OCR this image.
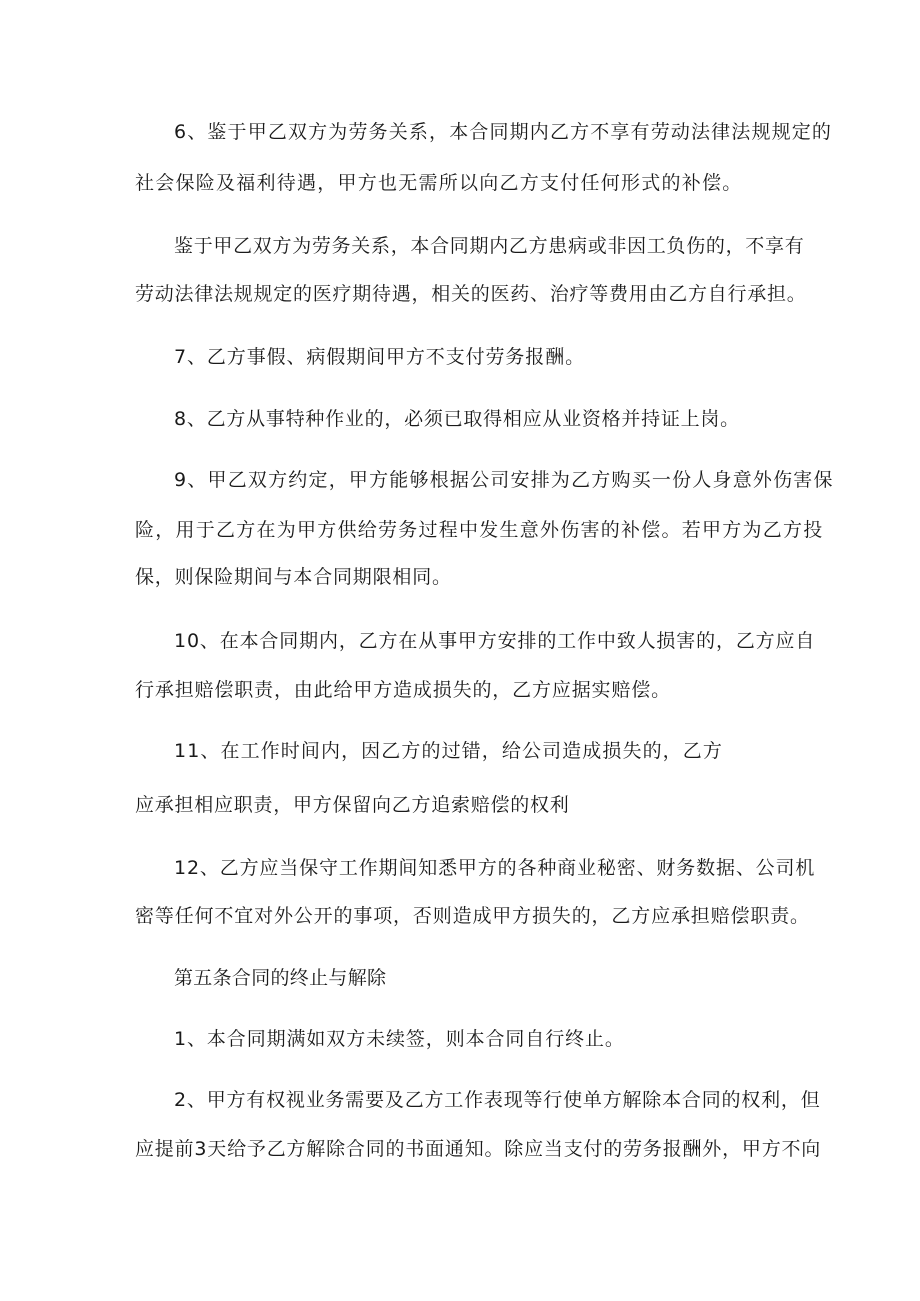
6、鉴于甲乙双方为劳务关系，本合同期内乙方不享有劳动法律法规规定的
社会保险及福利待遇，甲方也无需所以向乙方支付任何形式的补偿。
鉴于甲乙双方为劳务关系，本合同期内乙方患病或非因工负伤的，不享有
劳动法律法规规定的医疗期待遇，相关的医药、治疗等费用由乙方自行承担。
7、乙方事假、病假期间甲方不支付劳务报酬。
8、乙方从事特种作业的，必须已取得相应从业资格并持证上岗。
9、甲乙双方约定，甲方能够根据公司安排为乙方购买一份人身意外伤害保
险，用于乙方在为甲方供给劳务过程中发生意外伤害的补偿。若甲方为乙方投
保，则保险期间与本合同期限相同。
10、在本合同期内，乙方在从事甲方安排的工作中致人损害的，乙方应自
行承担赔偿职责，由此给甲方造成损失的，乙方应据实赔偿。
11、在工作时间内，因乙方的过错，给公司造成损失的，乙方
应承担相应职责，甲方保留向乙方追索赔偿的权利
12、乙方应当保守工作期间知悉甲方的各种商业秘密、财务数据、公司机
密等任何不宜对外公开的事项，否则造成甲方损失的，乙方应承担赔偿职责。
第五条合同的终止与解除
1、本合同期满如双方未续签，则本合同自行终止。
2、甲方有权视业务需要及乙方工作表现等行使单方解除本合同的权利，但
应提前3天给予乙方解除合同的书面通知。除应当支付的劳务报酬外，甲方不向
